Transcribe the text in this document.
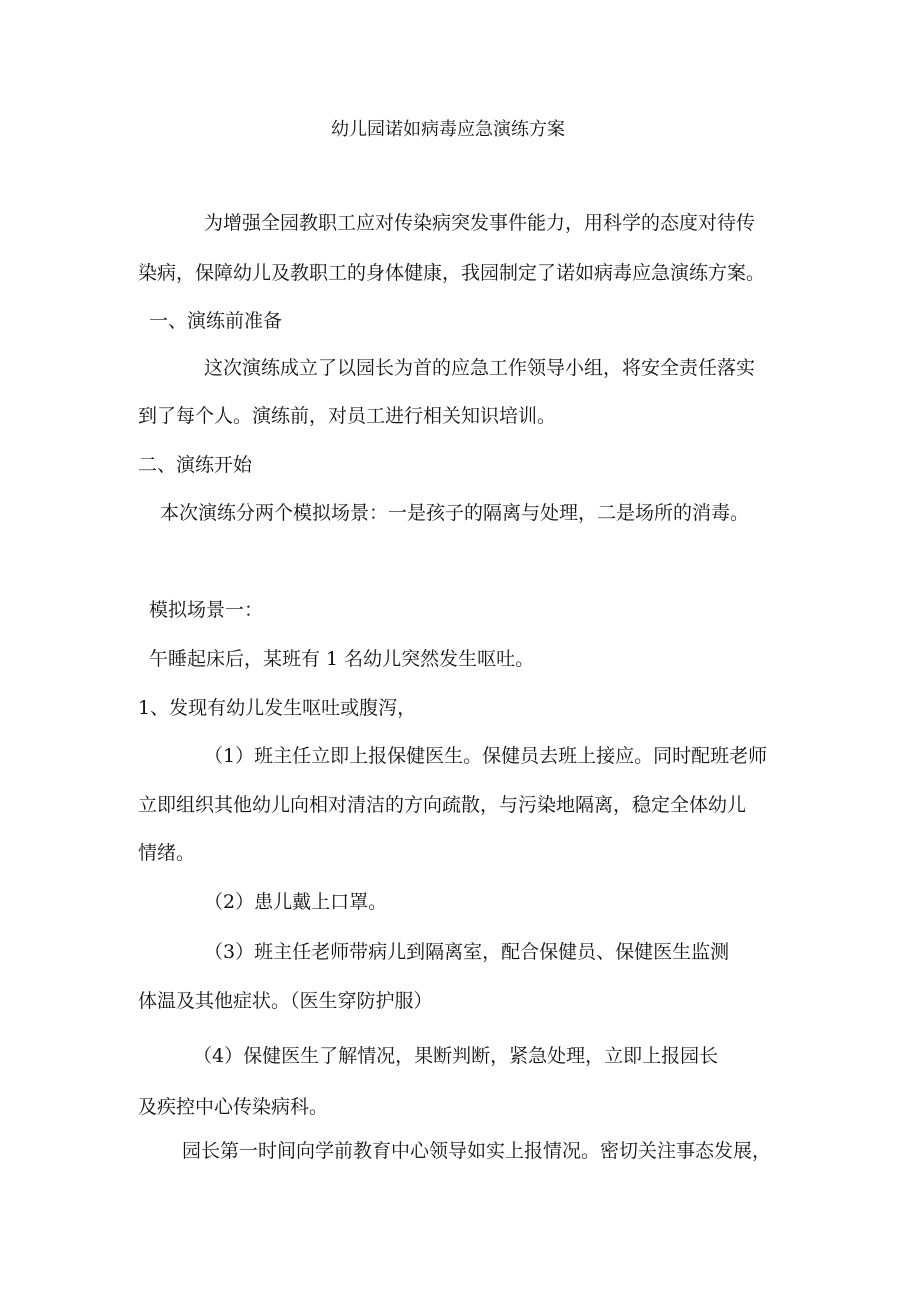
幼儿园诺如病毒应急演练方案
为增强全园教职工应对传染病突发事件能力，用科学的态度对待传
染病，保障幼儿及教职工的身体健康，我园制定了诺如病毒应急演练方案。
一、演练前准备
这次演练成立了以园长为首的应急工作领导小组，将安全责任落实
到了每个人。演练前，对员工进行相关知识培训。
二、演练开始
本次演练分两个模拟场景：一是孩子的隔离与处理，二是场所的消毒。
模拟场景一：
午睡起床后，某班有 1 名幼儿突然发生呕吐。
1、发现有幼儿发生呕吐或腹泻，
（1）班主任立即上报保健医生。保健员去班上接应。同时配班老师
立即组织其他幼儿向相对清洁的方向疏散，与污染地隔离，稳定全体幼儿
情绪。
（2）患儿戴上口罩。
（3）班主任老师带病儿到隔离室，配合保健员、保健医生监测
体温及其他症状。（医生穿防护服）
（4）保健医生了解情况，果断判断，紧急处理，立即上报园长
及疾控中心传染病科。
园长第一时间向学前教育中心领导如实上报情况。密切关注事态发展，
